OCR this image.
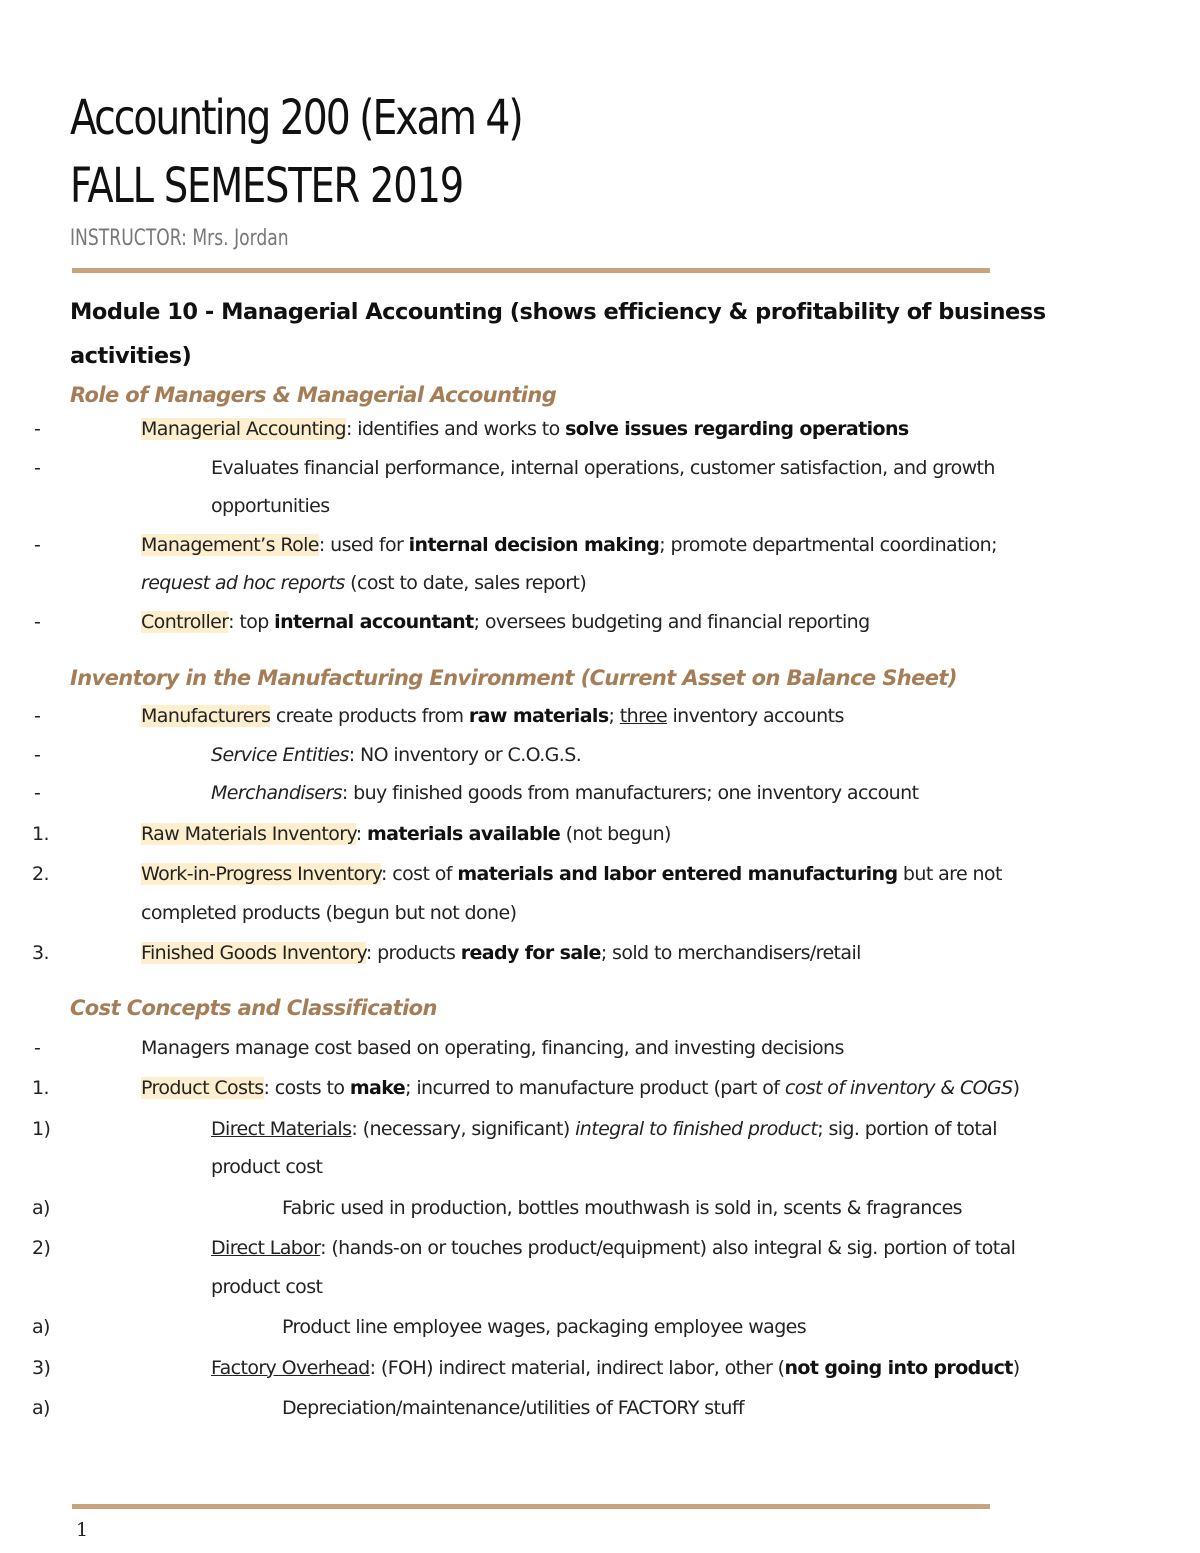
Accounting 200 (Exam 4)
FALL SEMESTER 2019
INSTRUCTOR: Mrs. Jordan
Module 10 - Managerial Accounting (shows efficiency & profitability of business
activities)
Role of Managers & Managerial Accounting
-	Managerial Accounting: identifies and works to solve issues regarding operations
-	Evaluates financial performance, internal operations, customer satisfaction, and growth
opportunities
-	Management’s Role: used for internal decision making; promote departmental coordination;
request ad hoc reports (cost to date, sales report)
-	Controller: top internal accountant; oversees budgeting and financial reporting
Inventory in the Manufacturing Environment (Current Asset on Balance Sheet)
-	Manufacturers create products from raw materials; three inventory accounts
-	Service Entities: NO inventory or C.O.G.S.
-	Merchandisers: buy finished goods from manufacturers; one inventory account
1.	Raw Materials Inventory: materials available (not begun)
2.	Work-in-Progress Inventory: cost of materials and labor entered manufacturing but are not
completed products (begun but not done)
3.	Finished Goods Inventory: products ready for sale; sold to merchandisers/retail
Cost Concepts and Classification
-	Managers manage cost based on operating, financing, and investing decisions
1.	Product Costs: costs to make; incurred to manufacture product (part of cost of inventory & COGS)
1)	Direct Materials: (necessary, significant) integral to finished product; sig. portion of total
product cost
a)	Fabric used in production, bottles mouthwash is sold in, scents & fragrances
2)	Direct Labor: (hands-on or touches product/equipment) also integral & sig. portion of total
product cost
a)	Product line employee wages, packaging employee wages
3)	Factory Overhead: (FOH) indirect material, indirect labor, other (not going into product)
a)	Depreciation/maintenance/utilities of FACTORY stuff
1
